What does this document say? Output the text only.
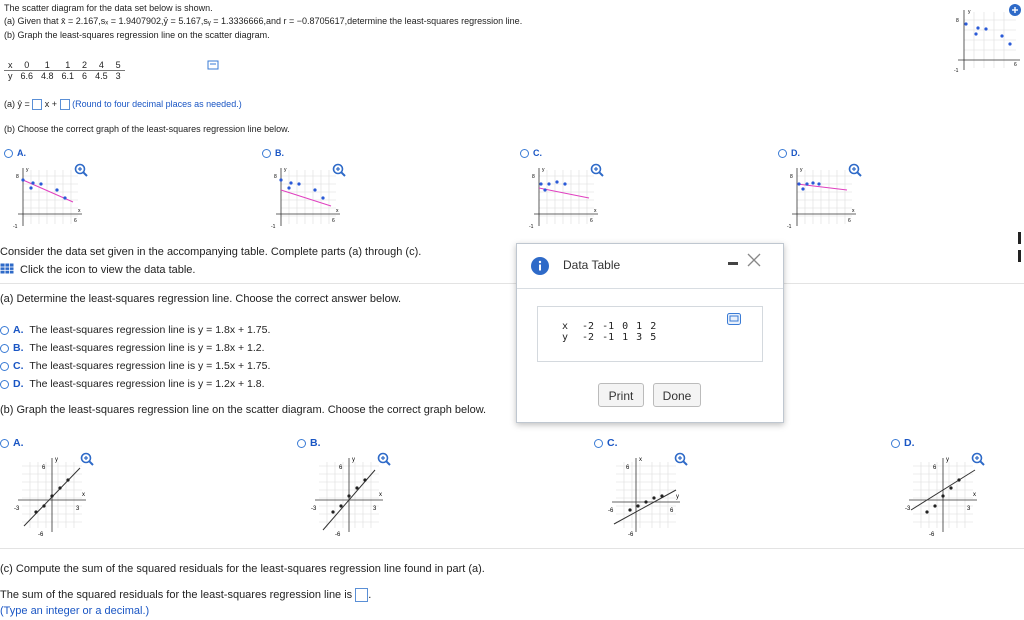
The scatter diagram for the data set below is shown.
(a) Given that x̄ = 2.167,sₓ = 1.9407902,ȳ = 5.167,sᵧ = 1.3336666,and r = −0.8705617,determine the least-squares regression line.
(b) Graph the least-squares regression line on the scatter diagram.
x	0	1	1	2	4	5
y	6.6	4.8	6.1	6	4.5	3
(a) ŷ = x + (Round to four decimal places as needed.)
(b) Choose the correct graph of the least-squares regression line below.
A.	B.	C.	D.
y
8
x
6
-1
y
8
x
6
-1
y
8
x
6
-1
y
8
x
6
-1
y
8
6
-1
Consider the data set given in the accompanying table. Complete parts (a) through (c).
Click the icon to view the data table.
(a) Determine the least-squares regression line. Choose the correct answer below.
A. The least-squares regression line is y = 1.8x + 1.75.
B. The least-squares regression line is y = 1.8x + 1.2.
C. The least-squares regression line is y = 1.5x + 1.75.
D. The least-squares regression line is y = 1.2x + 1.8.
(b) Graph the least-squares regression line on the scatter diagram. Choose the correct graph below.
A.	B.	C.	D.
y
6
x
3
-3
-6
y
6
x
3
-3
-6
x
6
y
6
-6
-6
y
6
x
3
-3
-6
(c) Compute the sum of the squared residuals for the least-squares regression line found in part (a).
The sum of the squared residuals for the least-squares regression line is .
(Type an integer or a decimal.)
Data Table
x	-2	-1	0	1	2
y	-2	-1	1	3	5
Print	Done
